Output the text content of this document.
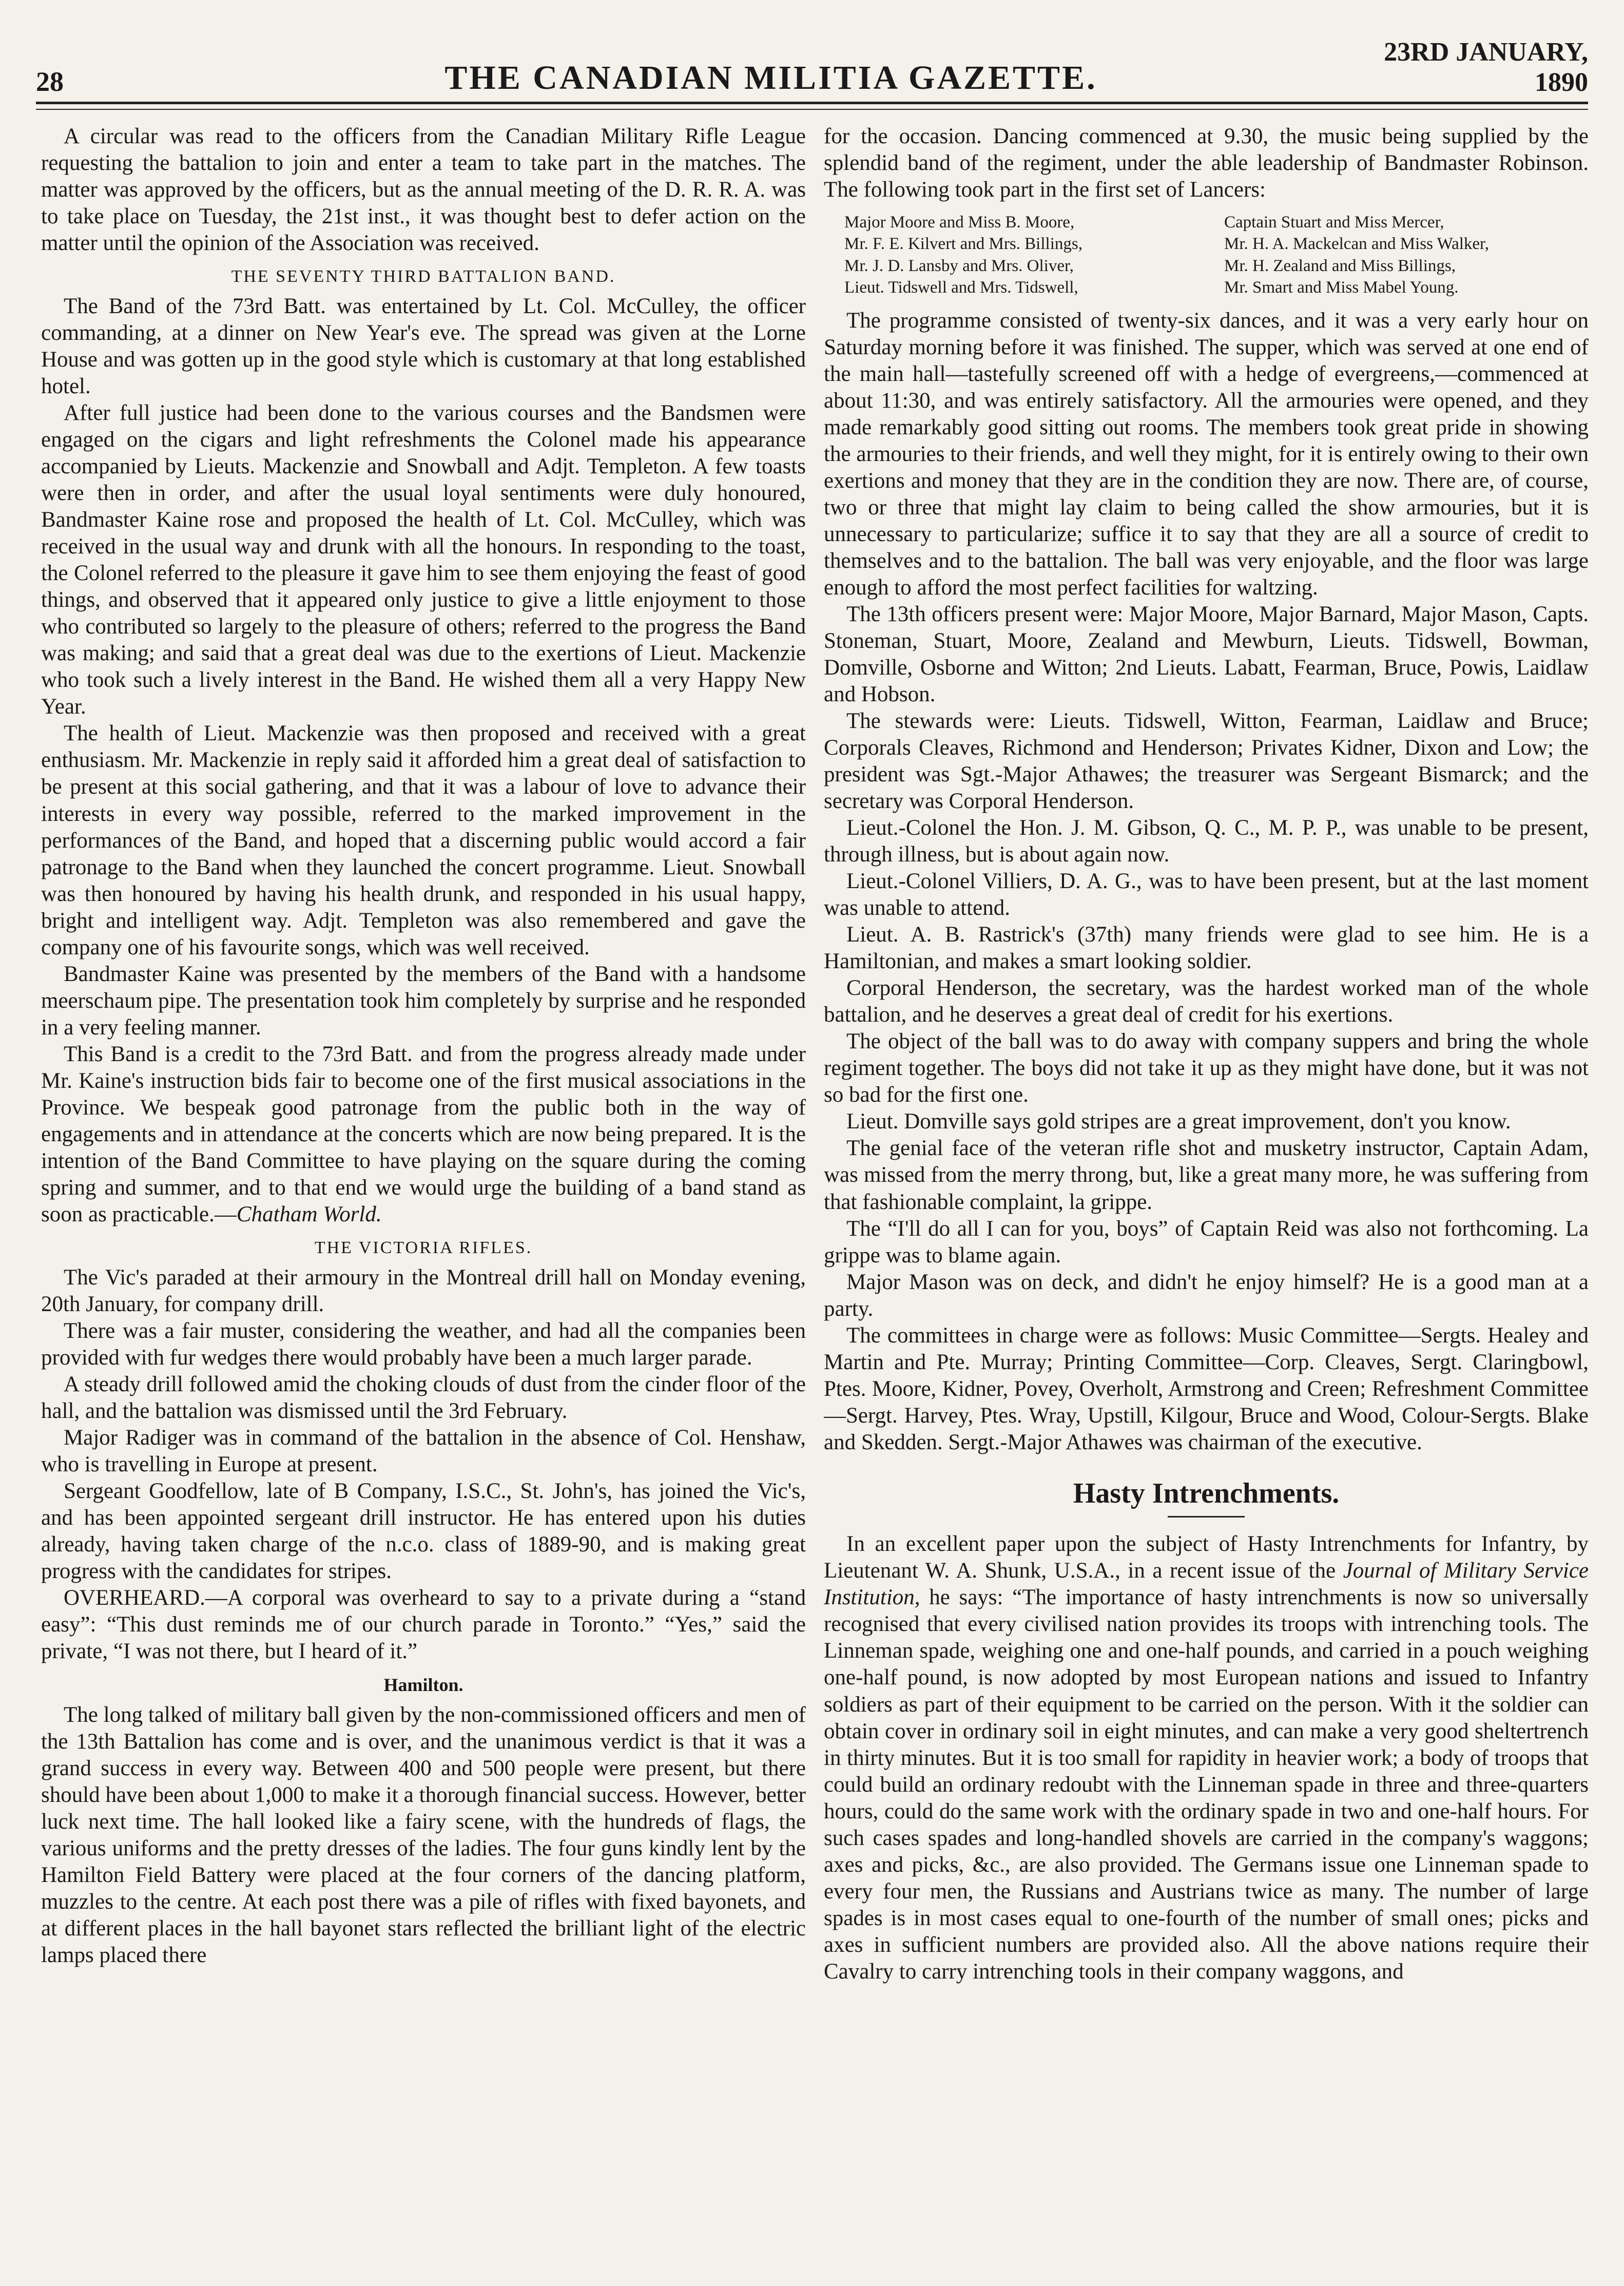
28	THE CANADIAN MILITIA GAZETTE.
23RD JANUARY, 1890

A circular was read to the officers from the Canadian Military Rifle League requesting the battalion to join and enter a team to take part in the matches. The matter was approved by the officers, but as the annual meeting of the D. R. R. A. was to take place on Tuesday, the 21st inst., it was thought best to defer action on the matter until the opinion of the Association was received.

THE SEVENTY THIRD BATTALION BAND.

The Band of the 73rd Batt. was entertained by Lt. Col. McCulley, the officer commanding, at a dinner on New Year's eve. The spread was given at the Lorne House and was gotten up in the good style which is customary at that long established hotel.

After full justice had been done to the various courses and the Bandsmen were engaged on the cigars and light refreshments the Colonel made his appearance accompanied by Lieuts. Mackenzie and Snowball and Adjt. Templeton. A few toasts were then in order, and after the usual loyal sentiments were duly honoured, Bandmaster Kaine rose and proposed the health of Lt. Col. McCulley, which was received in the usual way and drunk with all the honours. In responding to the toast, the Colonel referred to the pleasure it gave him to see them enjoying the feast of good things, and observed that it appeared only justice to give a little enjoyment to those who contributed so largely to the pleasure of others; referred to the progress the Band was making; and said that a great deal was due to the exertions of Lieut. Mackenzie who took such a lively interest in the Band. He wished them all a very Happy New Year.

The health of Lieut. Mackenzie was then proposed and received with a great enthusiasm. Mr. Mackenzie in reply said it afforded him a great deal of satisfaction to be present at this social gathering, and that it was a labour of love to advance their interests in every way possible, referred to the marked improvement in the performances of the Band, and hoped that a discerning public would accord a fair patronage to the Band when they launched the concert programme. Lieut. Snowball was then honoured by having his health drunk, and responded in his usual happy, bright and intelligent way. Adjt. Templeton was also remembered and gave the company one of his favourite songs, which was well received.

Bandmaster Kaine was presented by the members of the Band with a handsome meerschaum pipe. The presentation took him completely by surprise and he responded in a very feeling manner.

This Band is a credit to the 73rd Batt. and from the progress already made under Mr. Kaine's instruction bids fair to become one of the first musical associations in the Province. We bespeak good patronage from the public both in the way of engagements and in attendance at the concerts which are now being prepared. It is the intention of the Band Committee to have playing on the square during the coming spring and summer, and to that end we would urge the building of a band stand as soon as practicable.—Chatham World.

THE VICTORIA RIFLES.

The Vic's paraded at their armoury in the Montreal drill hall on Monday evening, 20th January, for company drill.

There was a fair muster, considering the weather, and had all the companies been provided with fur wedges there would probably have been a much larger parade.

A steady drill followed amid the choking clouds of dust from the cinder floor of the hall, and the battalion was dismissed until the 3rd February.

Major Radiger was in command of the battalion in the absence of Col. Henshaw, who is travelling in Europe at present.

Sergeant Goodfellow, late of B Company, I.S.C., St. John's, has joined the Vic's, and has been appointed sergeant drill instructor. He has entered upon his duties already, having taken charge of the n.c.o. class of 1889-90, and is making great progress with the candidates for stripes.

OVERHEARD.—A corporal was overheard to say to a private during a “stand easy”: “This dust reminds me of our church parade in Toronto.” “Yes,” said the private, “I was not there, but I heard of it.”

Hamilton.

The long talked of military ball given by the non-commissioned officers and men of the 13th Battalion has come and is over, and the unanimous verdict is that it was a grand success in every way. Between 400 and 500 people were present, but there should have been about 1,000 to make it a thorough financial success. However, better luck next time. The hall looked like a fairy scene, with the hundreds of flags, the various uniforms and the pretty dresses of the ladies. The four guns kindly lent by the Hamilton Field Battery were placed at the four corners of the dancing platform, muzzles to the centre. At each post there was a pile of rifles with fixed bayonets, and at different places in the hall bayonet stars reflected the brilliant light of the electric lamps placed there

for the occasion. Dancing commenced at 9.30, the music being supplied by the splendid band of the regiment, under the able leadership of Bandmaster Robinson. The following took part in the first set of Lancers:

Major Moore and Miss B. Moore,	Captain Stuart and Miss Mercer,
Mr. F. E. Kilvert and Mrs. Billings,	Mr. H. A. Mackelcan and Miss Walker,
Mr. J. D. Lansby and Mrs. Oliver,	Mr. H. Zealand and Miss Billings,
Lieut. Tidswell and Mrs. Tidswell,	Mr. Smart and Miss Mabel Young.

The programme consisted of twenty-six dances, and it was a very early hour on Saturday morning before it was finished. The supper, which was served at one end of the main hall—tastefully screened off with a hedge of evergreens,—commenced at about 11:30, and was entirely satisfactory. All the armouries were opened, and they made remarkably good sitting out rooms. The members took great pride in showing the armouries to their friends, and well they might, for it is entirely owing to their own exertions and money that they are in the condition they are now. There are, of course, two or three that might lay claim to being called the show armouries, but it is unnecessary to particularize; suffice it to say that they are all a source of credit to themselves and to the battalion. The ball was very enjoyable, and the floor was large enough to afford the most perfect facilities for waltzing.

The 13th officers present were: Major Moore, Major Barnard, Major Mason, Capts. Stoneman, Stuart, Moore, Zealand and Mewburn, Lieuts. Tidswell, Bowman, Domville, Osborne and Witton; 2nd Lieuts. Labatt, Fearman, Bruce, Powis, Laidlaw and Hobson.

The stewards were: Lieuts. Tidswell, Witton, Fearman, Laidlaw and Bruce; Corporals Cleaves, Richmond and Henderson; Privates Kidner, Dixon and Low; the president was Sgt.-Major Athawes; the treasurer was Sergeant Bismarck; and the secretary was Corporal Henderson.

Lieut.-Colonel the Hon. J. M. Gibson, Q. C., M. P. P., was unable to be present, through illness, but is about again now.

Lieut.-Colonel Villiers, D. A. G., was to have been present, but at the last moment was unable to attend.

Lieut. A. B. Rastrick's (37th) many friends were glad to see him. He is a Hamiltonian, and makes a smart looking soldier.

Corporal Henderson, the secretary, was the hardest worked man of the whole battalion, and he deserves a great deal of credit for his exertions.

The object of the ball was to do away with company suppers and bring the whole regiment together. The boys did not take it up as they might have done, but it was not so bad for the first one.

Lieut. Domville says gold stripes are a great improvement, don't you know.

The genial face of the veteran rifle shot and musketry instructor, Captain Adam, was missed from the merry throng, but, like a great many more, he was suffering from that fashionable complaint, la grippe.

The “I'll do all I can for you, boys” of Captain Reid was also not forthcoming. La grippe was to blame again.

Major Mason was on deck, and didn't he enjoy himself? He is a good man at a party.

The committees in charge were as follows: Music Committee—Sergts. Healey and Martin and Pte. Murray; Printing Committee—Corp. Cleaves, Sergt. Claringbowl, Ptes. Moore, Kidner, Povey, Overholt, Armstrong and Creen; Refreshment Committee—Sergt. Harvey, Ptes. Wray, Upstill, Kilgour, Bruce and Wood, Colour-Sergts. Blake and Skedden. Sergt.-Major Athawes was chairman of the executive.

Hasty Intrenchments.

In an excellent paper upon the subject of Hasty Intrenchments for Infantry, by Lieutenant W. A. Shunk, U.S.A., in a recent issue of the Journal of Military Service Institution, he says: “The importance of hasty intrenchments is now so universally recognised that every civilised nation provides its troops with intrenching tools. The Linneman spade, weighing one and one-half pounds, and carried in a pouch weighing one-half pound, is now adopted by most European nations and issued to Infantry soldiers as part of their equipment to be carried on the person. With it the soldier can obtain cover in ordinary soil in eight minutes, and can make a very good sheltertrench in thirty minutes. But it is too small for rapidity in heavier work; a body of troops that could build an ordinary redoubt with the Linneman spade in three and three-quarters hours, could do the same work with the ordinary spade in two and one-half hours. For such cases spades and long-handled shovels are carried in the company's waggons; axes and picks, &c., are also provided. The Germans issue one Linneman spade to every four men, the Russians and Austrians twice as many. The number of large spades is in most cases equal to one-fourth of the number of small ones; picks and axes in sufficient numbers are provided also. All the above nations require their Cavalry to carry intrenching tools in their company waggons, and
